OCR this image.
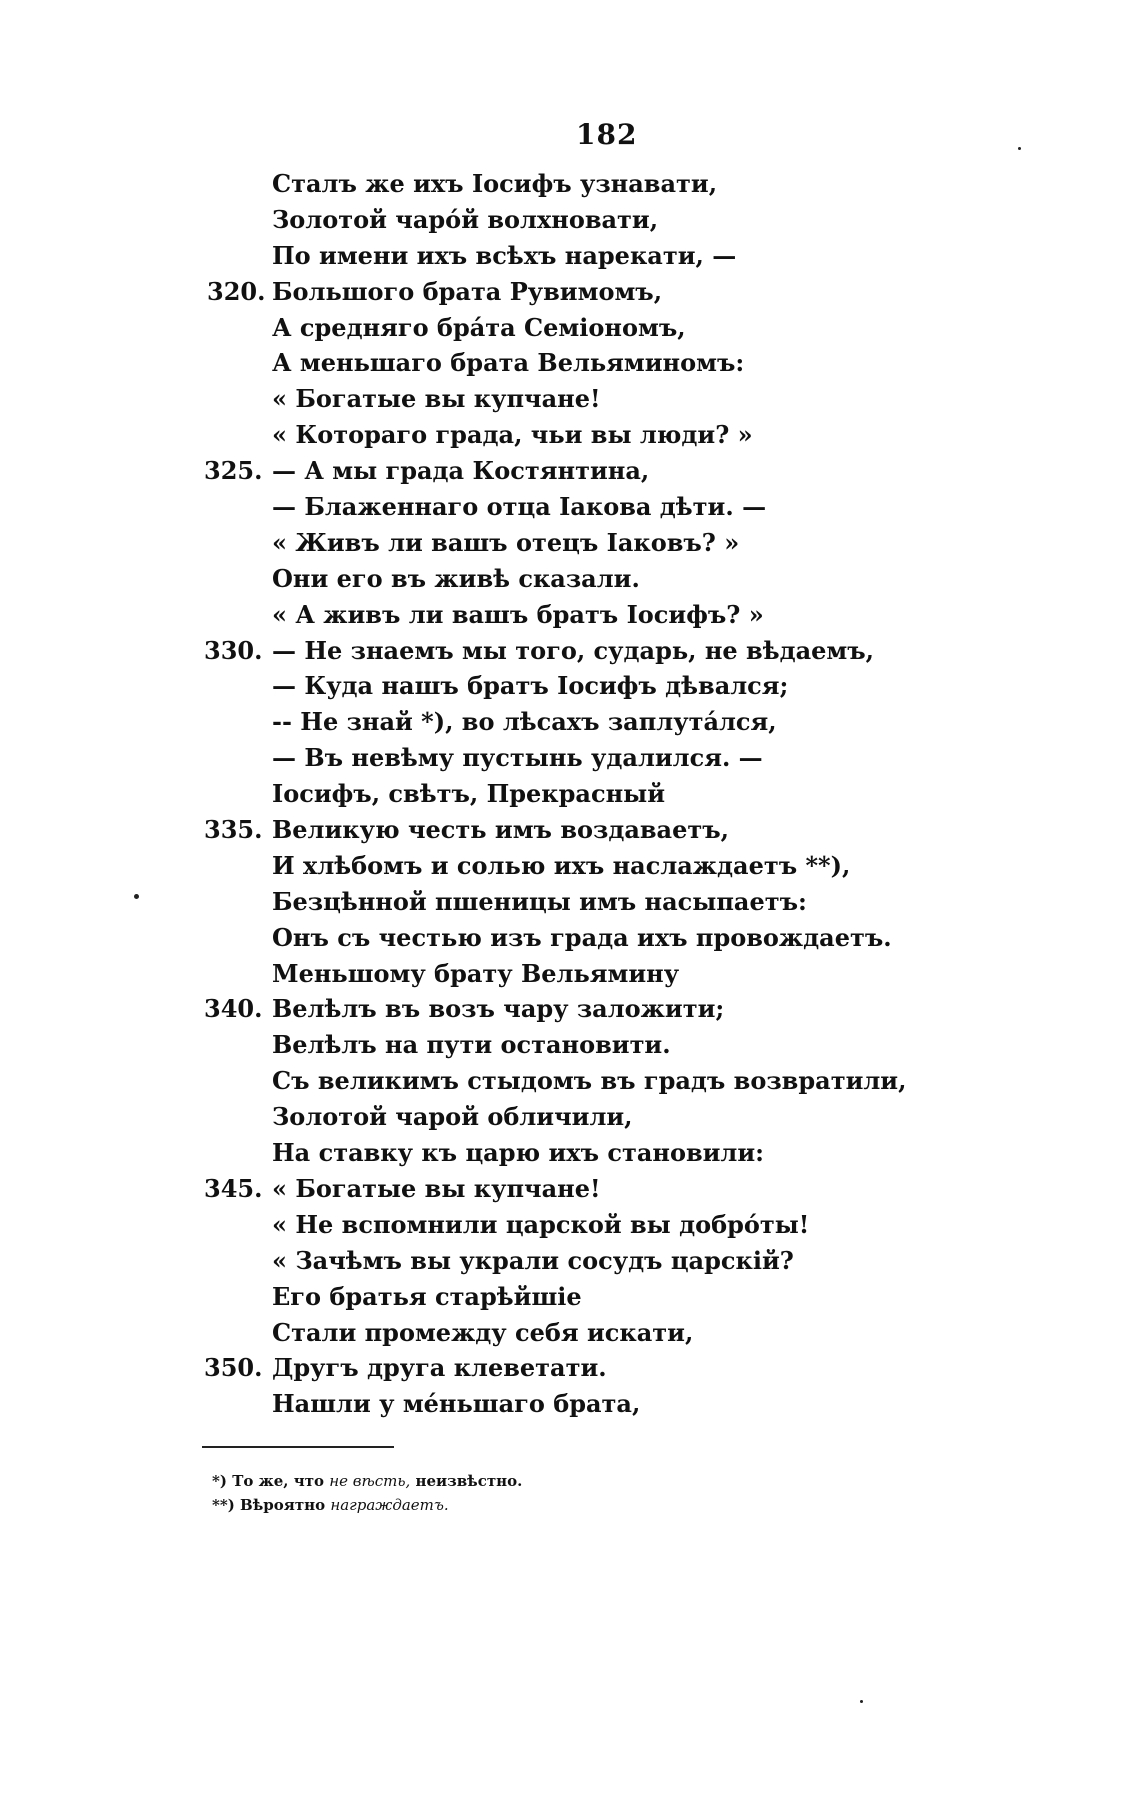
182
Сталъ же ихъ Іосифъ узнавати,
Золотой чарóй волхновати,
По имени ихъ всѣхъ нарекати, —
320. Большого брата Рувимомъ,
А средняго брáта Семіономъ,
А меньшаго брата Вельяминомъ:
« Богатые вы купчане!
« Котораго града, чьи вы люди? »
325. — А мы града Костянтина,
— Блаженнаго отца Іакова дѣти. —
« Живъ ли вашъ отецъ Іаковъ? »
Они его въ живѣ сказали.
« А живъ ли вашъ братъ Іосифъ? »
330. — Не знаемъ мы того, сударь, не вѣдаемъ,
— Куда нашъ братъ Іосифъ дѣвался;
-- Не знай *), во лѣсахъ заплутáлся,
— Въ невѣму пустынь удалился. —
Іосифъ, свѣтъ, Прекрасный
335. Великую честь имъ воздаваетъ,
И хлѣбомъ и солью ихъ наслаждаетъ **),
Безцѣнной пшеницы имъ насыпаетъ:
Онъ съ честью изъ града ихъ провождаетъ.
Меньшому брату Вельямину
340. Велѣлъ въ возъ чару заложити;
Велѣлъ на пути остановити.
Съ великимъ стыдомъ въ градъ возвратили,
Золотой чарой обличили,
На ставку къ царю ихъ становили:
345. « Богатые вы купчане!
« Не вспомнили царской вы добрóты!
« Зачѣмъ вы украли сосудъ царскій?
Его братья старѣйшіе
Стали промежду себя искати,
350. Другъ друга клеветати.
Нашли у мéньшаго брата,
*) То же, что не вѣсть, неизвѣстно.
**) Вѣроятно награждаетъ.
